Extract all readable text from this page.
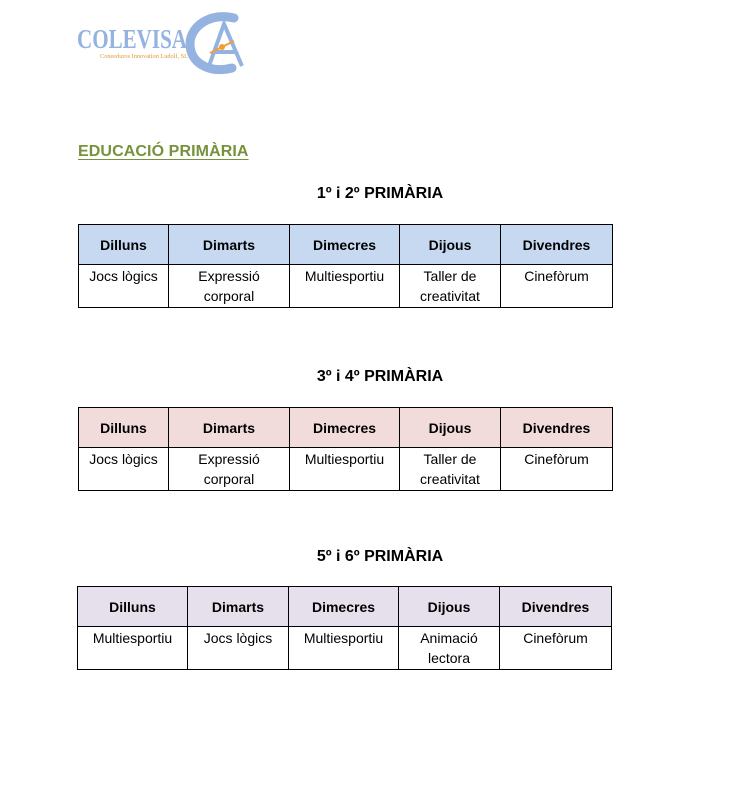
COLEVISA
Coneeduros Innovation Ludolf, SL
EDUCACIÓ PRIMÀRIA
1º i 2º PRIMÀRIA
Dilluns	Dimarts	Dimecres	Dijous	Divendres
Jocs lògics	Expressió corporal	Multiesportiu	Taller de creativitat	Cinefòrum
3º i 4º PRIMÀRIA
Dilluns	Dimarts	Dimecres	Dijous	Divendres
Jocs lògics	Expressió corporal	Multiesportiu	Taller de creativitat	Cinefòrum
5º i 6º PRIMÀRIA
Dilluns	Dimarts	Dimecres	Dijous	Divendres
Multiesportiu	Jocs lògics	Multiesportiu	Animació lectora	Cinefòrum
